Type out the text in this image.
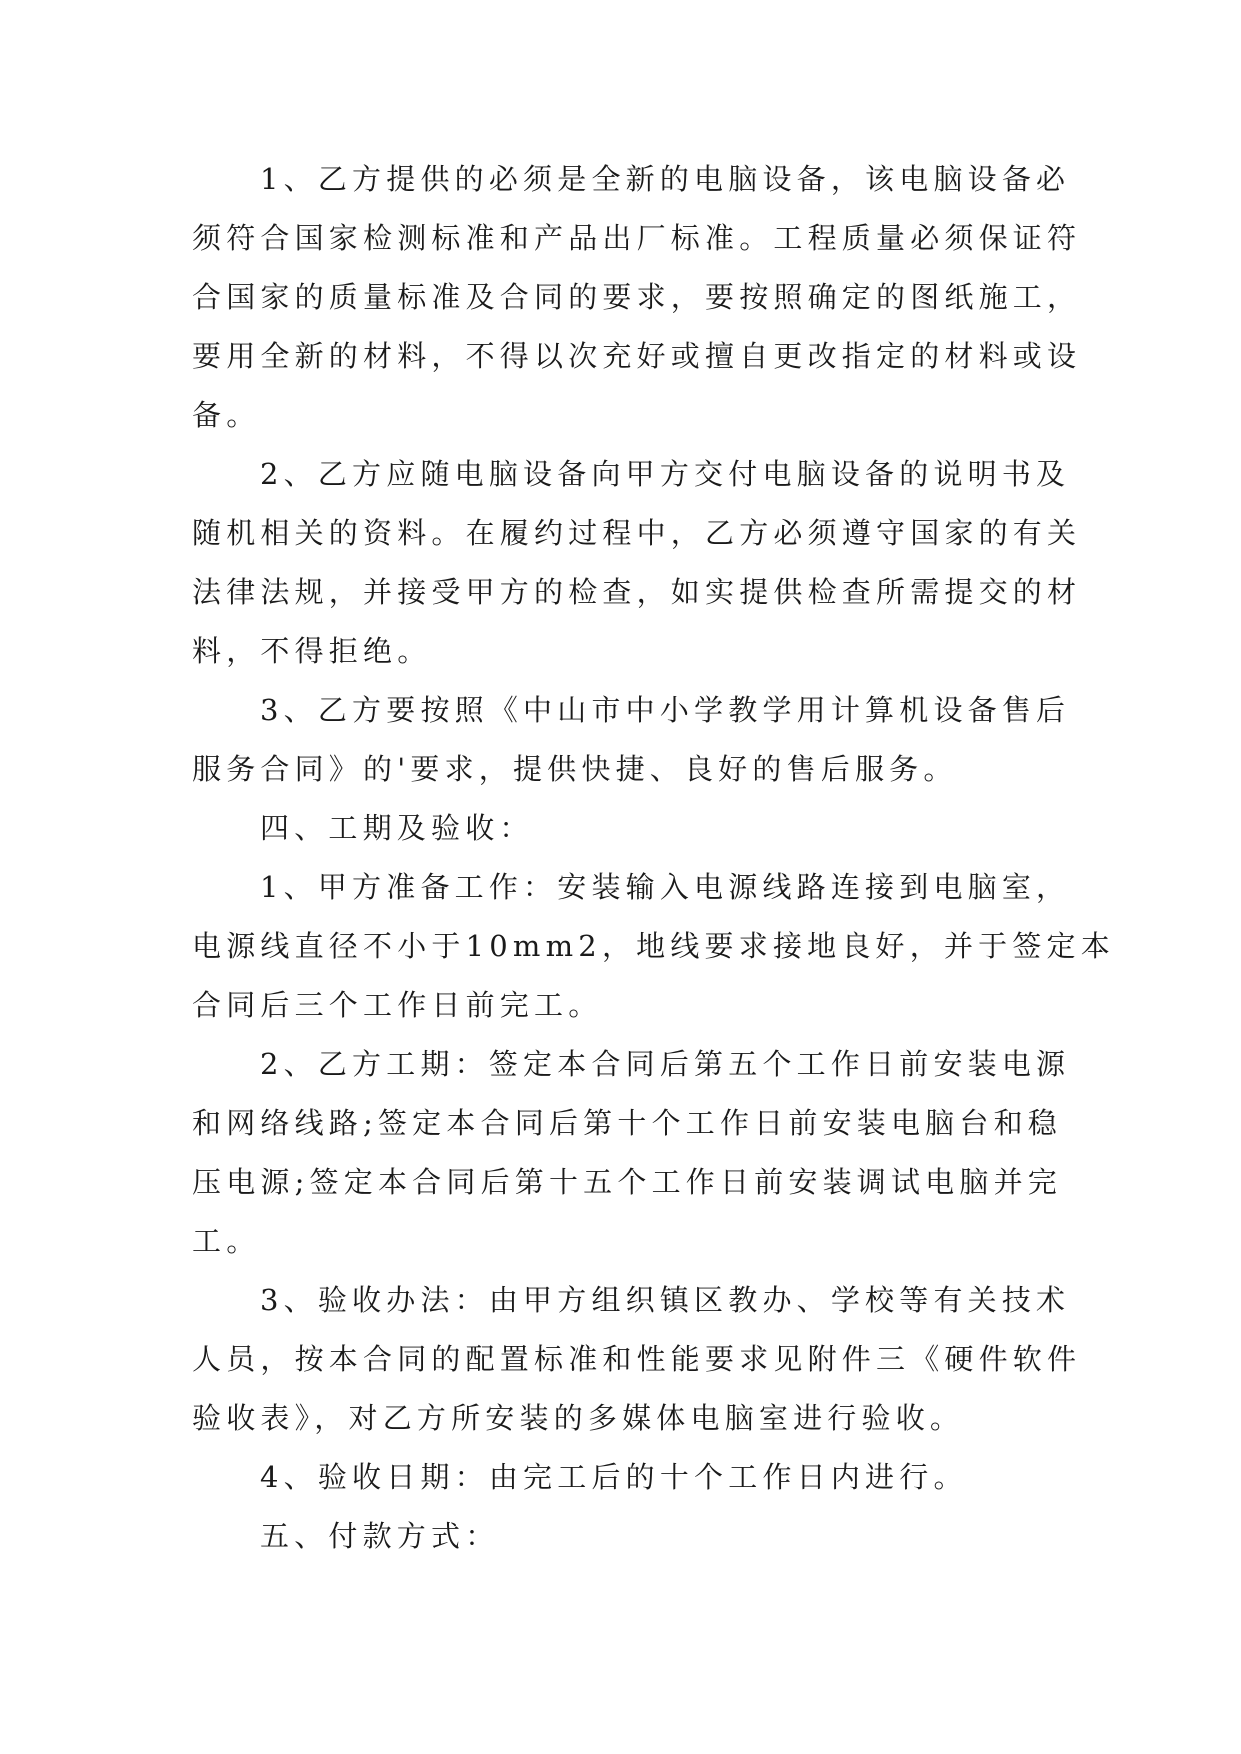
1、乙方提供的必须是全新的电脑设备，该电脑设备必
须符合国家检测标准和产品出厂标准。工程质量必须保证符
合国家的质量标准及合同的要求，要按照确定的图纸施工，
要用全新的材料，不得以次充好或擅自更改指定的材料或设
备。
2、乙方应随电脑设备向甲方交付电脑设备的说明书及
随机相关的资料。在履约过程中，乙方必须遵守国家的有关
法律法规，并接受甲方的检查，如实提供检查所需提交的材
料，不得拒绝。
3、乙方要按照《中山市中小学教学用计算机设备售后
服务合同》的'要求，提供快捷、良好的售后服务。
四、工期及验收：
1、甲方准备工作：安装输入电源线路连接到电脑室，
电源线直径不小于10mm2，地线要求接地良好，并于签定本
合同后三个工作日前完工。
2、乙方工期：签定本合同后第五个工作日前安装电源
和网络线路;签定本合同后第十个工作日前安装电脑台和稳
压电源;签定本合同后第十五个工作日前安装调试电脑并完
工。
3、验收办法：由甲方组织镇区教办、学校等有关技术
人员，按本合同的配置标准和性能要求见附件三《硬件软件
验收表》，对乙方所安装的多媒体电脑室进行验收。
4、验收日期：由完工后的十个工作日内进行。
五、付款方式：
